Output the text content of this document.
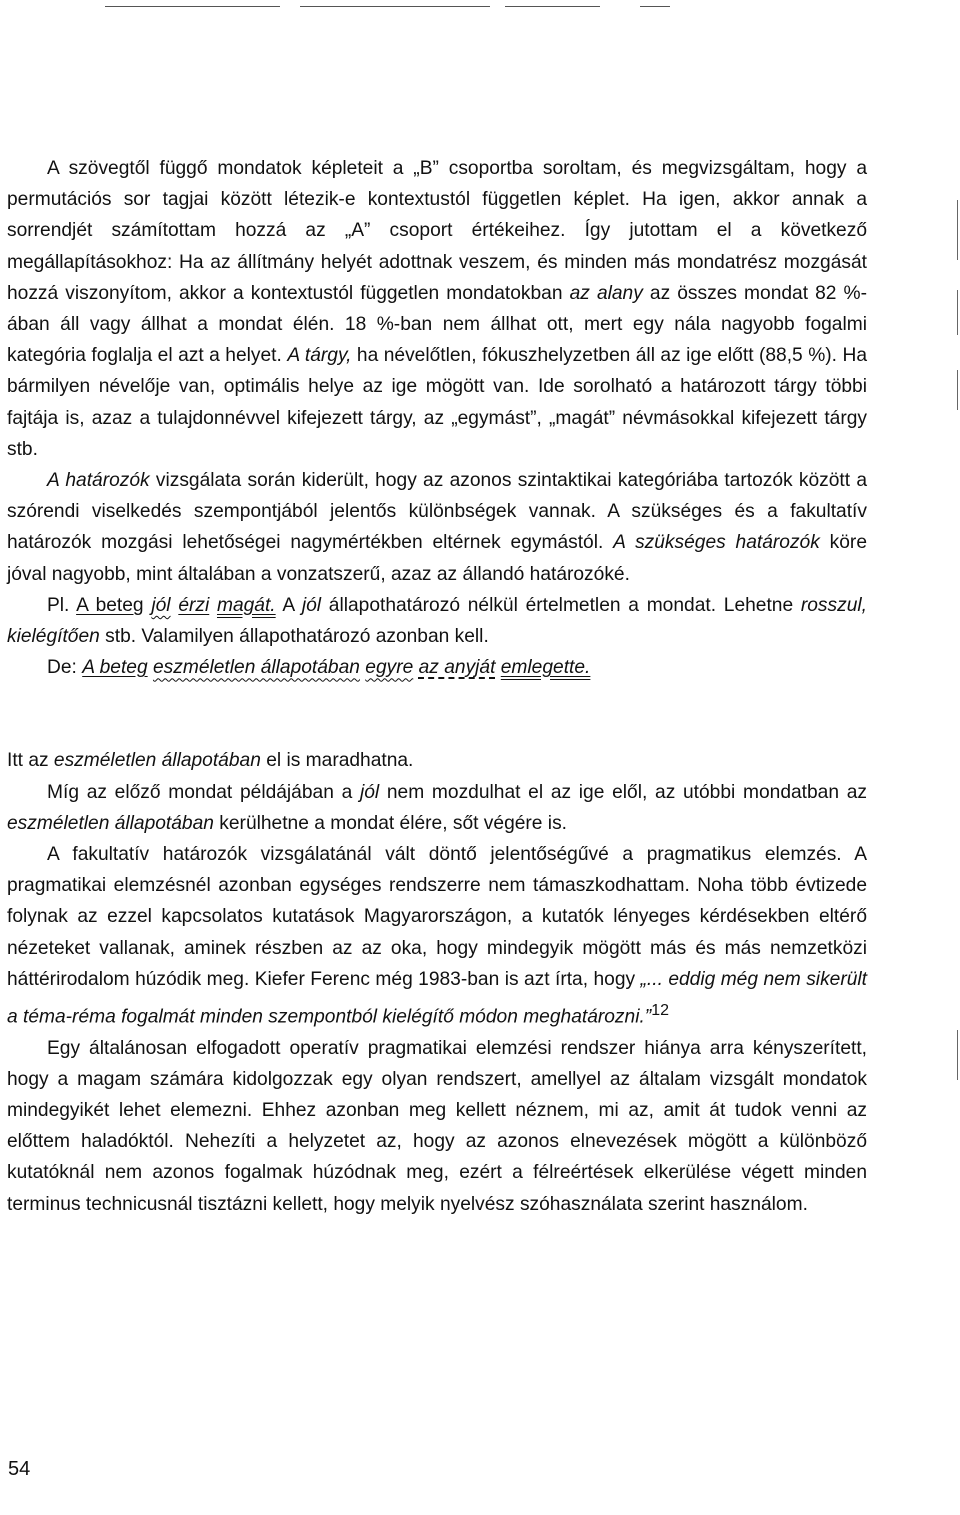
A szövegtől függő mondatok képleteit a „B” csoportba soroltam, és megvizsgáltam, hogy a permutációs sor tagjai között létezik-e kontextustól független képlet. Ha igen, akkor annak a sorrendjét számítottam hozzá az „A” csoport értékeihez. Így jutottam el a következő megállapításokhoz: Ha az állítmány helyét adottnak veszem, és minden más mondatrész mozgását hozzá viszonyítom, akkor a kontextustól független mondatokban az alany az összes mondat 82 %-ában áll vagy állhat a mondat élén. 18 %-ban nem állhat ott, mert egy nála nagyobb fogalmi kategória foglalja el azt a helyet. A tárgy, ha névelőtlen, fókuszhelyzetben áll az ige előtt (88,5 %). Ha bármilyen névelője van, optimális helye az ige mögött van. Ide sorolható a határozott tárgy többi fajtája is, azaz a tulajdonnévvel kifejezett tárgy, az „egymást”, „magát” névmásokkal kifejezett tárgy stb.

A határozók vizsgálata során kiderült, hogy az azonos szintaktikai kategóriába tartozók között a szórendi viselkedés szempontjából jelentős különbségek vannak. A szükséges és a fakultatív határozók mozgási lehetőségei nagymértékben eltérnek egymástól. A szükséges határozók köre jóval nagyobb, mint általában a vonzatszerű, azaz az állandó határozóké.

Pl. A beteg jól érzi magát. A jól állapothatározó nélkül értelmetlen a mondat. Lehetne rosszul, kielégítően stb. Valamilyen állapothatározó azonban kell.

De: A beteg eszméletlen állapotában egyre az anyját emlegette.

Itt az eszméletlen állapotában el is maradhatna.

Míg az előző mondat példájában a jól nem mozdulhat el az ige elől, az utóbbi mondatban az eszméletlen állapotában kerülhetne a mondat élére, sőt végére is.

A fakultatív határozók vizsgálatánál vált döntő jelentőségűvé a pragmatikus elemzés. A pragmatikai elemzésnél azonban egységes rendszerre nem támaszkodhattam. Noha több évtizede folynak az ezzel kapcsolatos kutatások Magyarországon, a kutatók lényeges kérdésekben eltérő nézeteket vallanak, aminek részben az az oka, hogy mindegyik mögött más és más nemzetközi háttérirodalom húzódik meg. Kiefer Ferenc még 1983-ban is azt írta, hogy „... eddig még nem sikerült a téma-réma fogalmát minden szempontból kielégítő módon meghatározni.”$^{12}$

Egy általánosan elfogadott operatív pragmatikai elemzési rendszer hiánya arra kényszerített, hogy a magam számára kidolgozzak egy olyan rendszert, amellyel az általam vizsgált mondatok mindegyikét lehet elemezni. Ehhez azonban meg kellett néznem, mi az, amit át tudok venni az előttem haladóktól. Nehezíti a helyzetet az, hogy az azonos elnevezések mögött a különböző kutatóknál nem azonos fogalmak húzódnak meg, ezért a félreértések elkerülése végett minden terminus technicusnál tisztázni kellett, hogy melyik nyelvész szóhasználata szerint használom.

54
